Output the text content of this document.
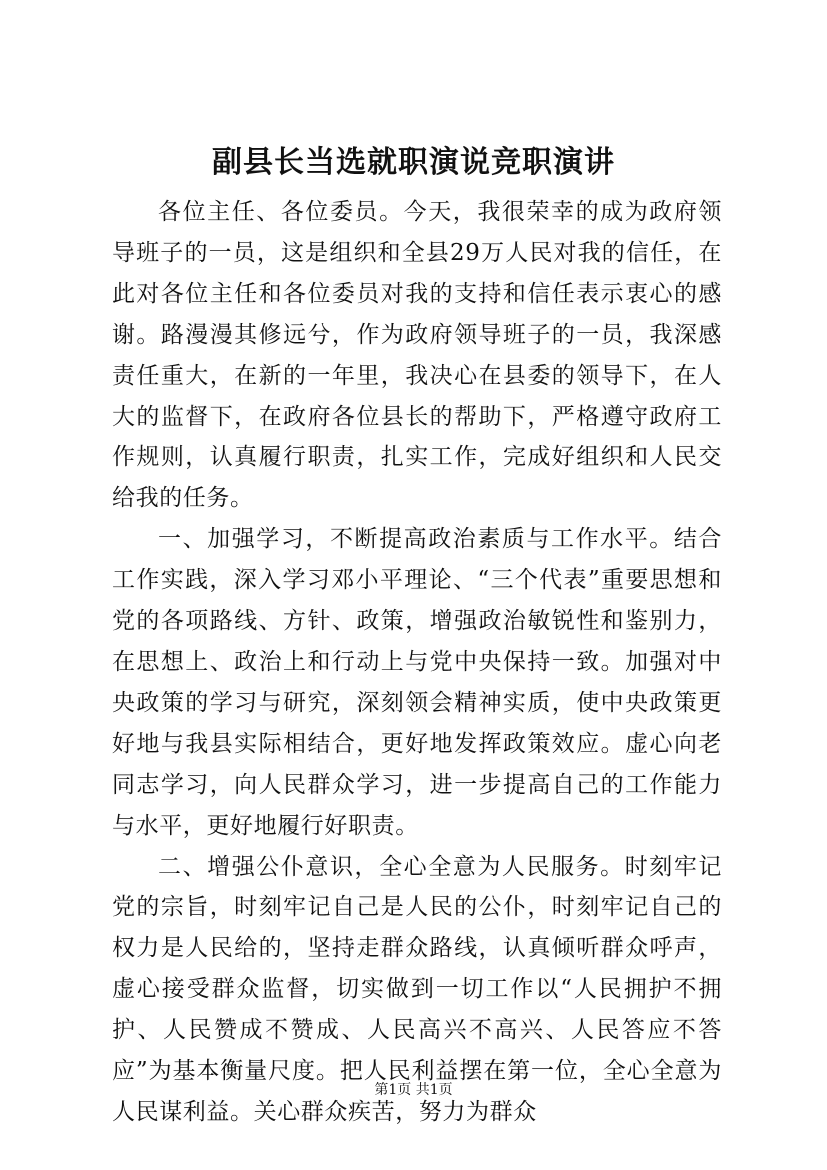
副县长当选就职演说竞职演讲

各位主任、各位委员。今天，我很荣幸的成为政府领导班子的一员，这是组织和全县29万人民对我的信任，在此对各位主任和各位委员对我的支持和信任表示衷心的感谢。路漫漫其修远兮，作为政府领导班子的一员，我深感责任重大，在新的一年里，我决心在县委的领导下，在人大的监督下，在政府各位县长的帮助下，严格遵守政府工作规则，认真履行职责，扎实工作，完成好组织和人民交给我的任务。

一、加强学习，不断提高政治素质与工作水平。结合工作实践，深入学习邓小平理论、“三个代表”重要思想和党的各项路线、方针、政策，增强政治敏锐性和鉴别力，在思想上、政治上和行动上与党中央保持一致。加强对中央政策的学习与研究，深刻领会精神实质，使中央政策更好地与我县实际相结合，更好地发挥政策效应。虚心向老同志学习，向人民群众学习，进一步提高自己的工作能力与水平，更好地履行好职责。

二、增强公仆意识，全心全意为人民服务。时刻牢记党的宗旨，时刻牢记自己是人民的公仆，时刻牢记自己的权力是人民给的，坚持走群众路线，认真倾听群众呼声，虚心接受群众监督，切实做到一切工作以“人民拥护不拥护、人民赞成不赞成、人民高兴不高兴、人民答应不答应”为基本衡量尺度。把人民利益摆在第一位，全心全意为人民谋利益。关心群众疾苦，努力为群众

第1页 共1页
